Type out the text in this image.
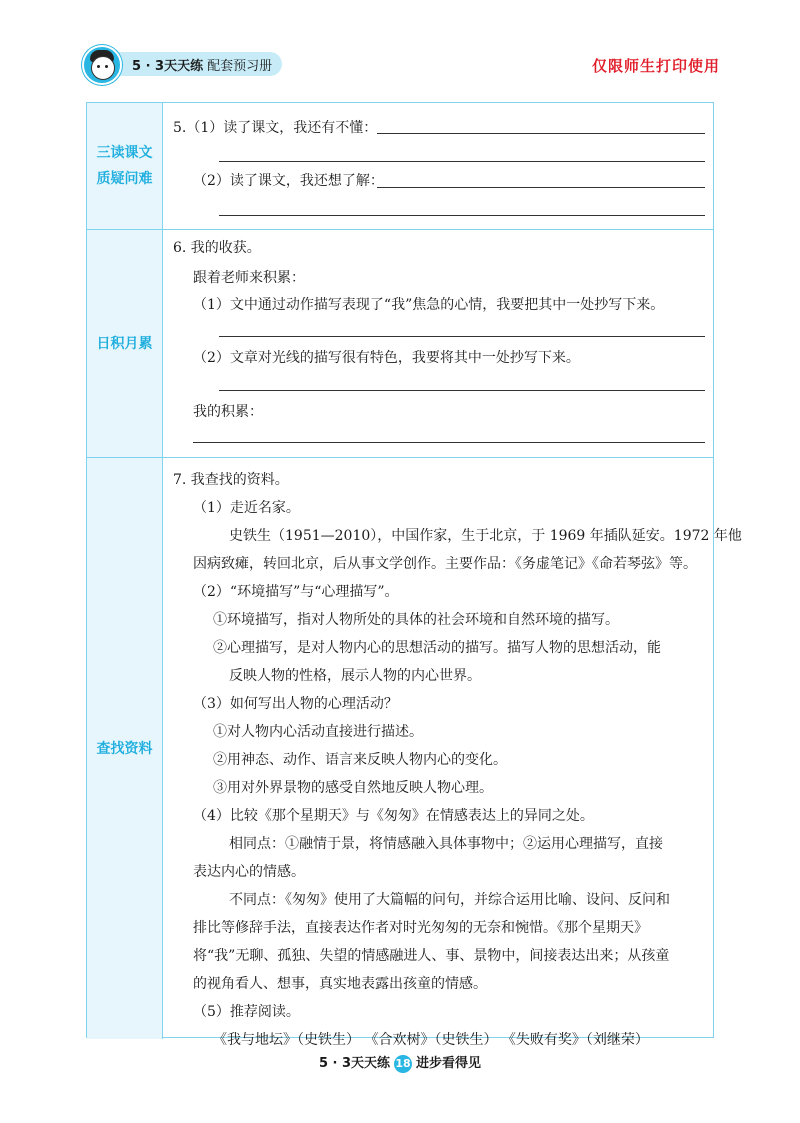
5 · 3天天练 配套预习册	仅限师生打印使用
三读课文
质疑问难
5.（1）读了课文，我还有不懂：
（2）读了课文，我还想了解：
日积月累
6. 我的收获。
跟着老师来积累：
（1）文中通过动作描写表现了“我”焦急的心情，我要把其中一处抄写下来。
（2）文章对光线的描写很有特色，我要将其中一处抄写下来。
我的积累：
查找资料
7. 我查找的资料。
（1）走近名家。
史铁生（1951—2010），中国作家，生于北京，于 1969 年插队延安。1972 年他
因病致瘫，转回北京，后从事文学创作。主要作品：《务虚笔记》《命若琴弦》等。
（2）“环境描写”与“心理描写”。
①环境描写，指对人物所处的具体的社会环境和自然环境的描写。
②心理描写，是对人物内心的思想活动的描写。描写人物的思想活动，能
反映人物的性格，展示人物的内心世界。
（3）如何写出人物的心理活动？
①对人物内心活动直接进行描述。
②用神态、动作、语言来反映人物内心的变化。
③用对外界景物的感受自然地反映人物心理。
（4）比较《那个星期天》与《匆匆》在情感表达上的异同之处。
相同点：①融情于景，将情感融入具体事物中；②运用心理描写，直接
表达内心的情感。
不同点：《匆匆》使用了大篇幅的问句，并综合运用比喻、设问、反问和
排比等修辞手法，直接表达作者对时光匆匆的无奈和惋惜。《那个星期天》
将“我”无聊、孤独、失望的情感融进人、事、景物中，间接表达出来；从孩童
的视角看人、想事，真实地表露出孩童的情感。
（5）推荐阅读。
《我与地坛》（史铁生） 《合欢树》（史铁生） 《失败有奖》（刘继荣）
5 · 3天天练 18 进步看得见
